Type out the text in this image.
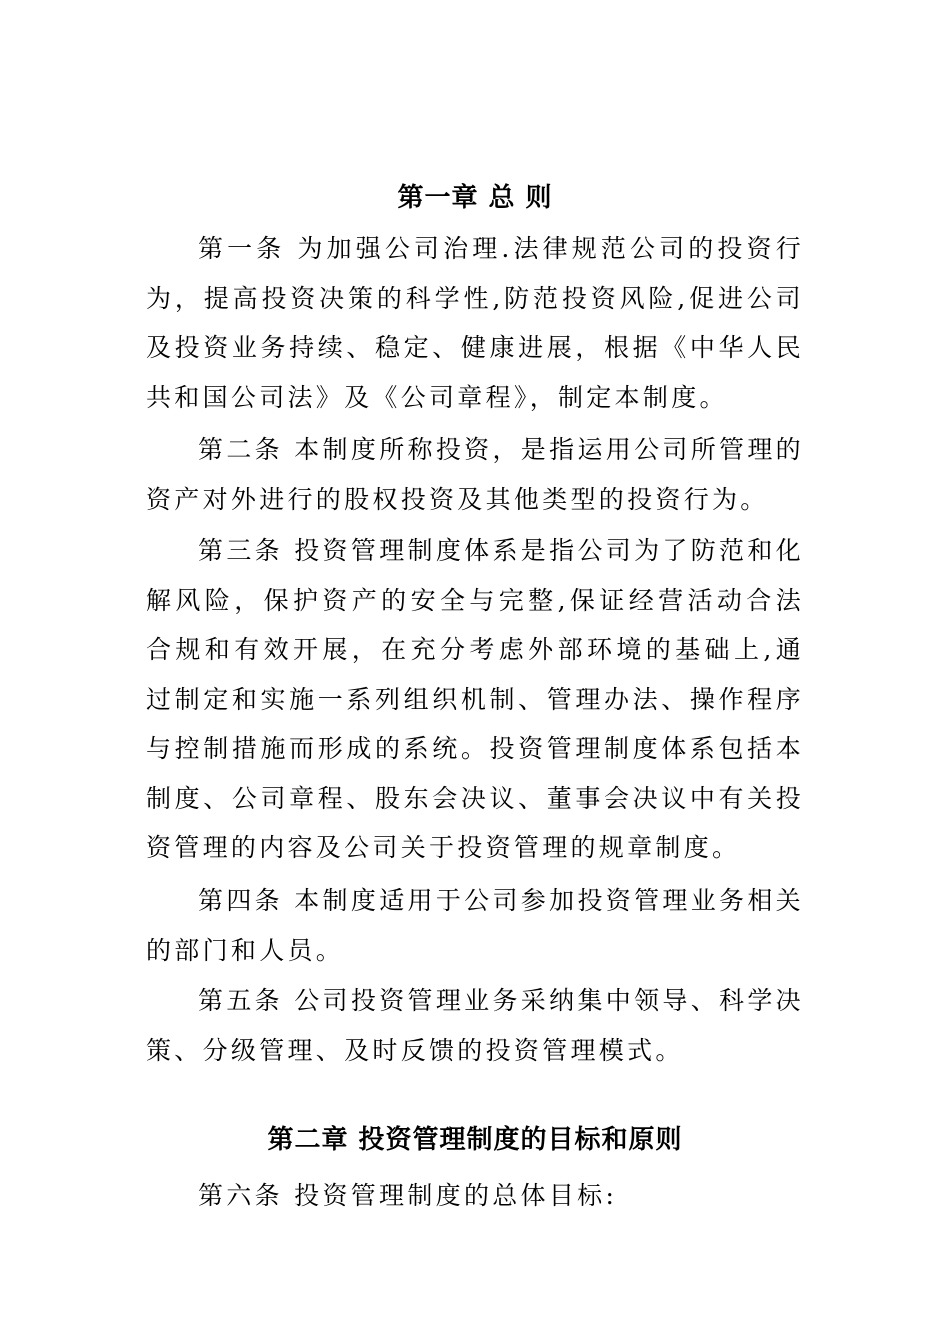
第一章 总 则

第一条 为加强公司治理.法律规范公司的投资行为，提高投资决策的科学性,防范投资风险,促进公司及投资业务持续、稳定、健康进展，根据《中华人民共和国公司法》及《公司章程》，制定本制度。

第二条 本制度所称投资，是指运用公司所管理的资产对外进行的股权投资及其他类型的投资行为。

第三条 投资管理制度体系是指公司为了防范和化解风险，保护资产的安全与完整,保证经营活动合法合规和有效开展，在充分考虑外部环境的基础上,通过制定和实施一系列组织机制、管理办法、操作程序与控制措施而形成的系统。投资管理制度体系包括本制度、公司章程、股东会决议、董事会决议中有关投资管理的内容及公司关于投资管理的规章制度。

第四条 本制度适用于公司参加投资管理业务相关的部门和人员。

第五条 公司投资管理业务采纳集中领导、科学决策、分级管理、及时反馈的投资管理模式。

第二章 投资管理制度的目标和原则

第六条 投资管理制度的总体目标:
